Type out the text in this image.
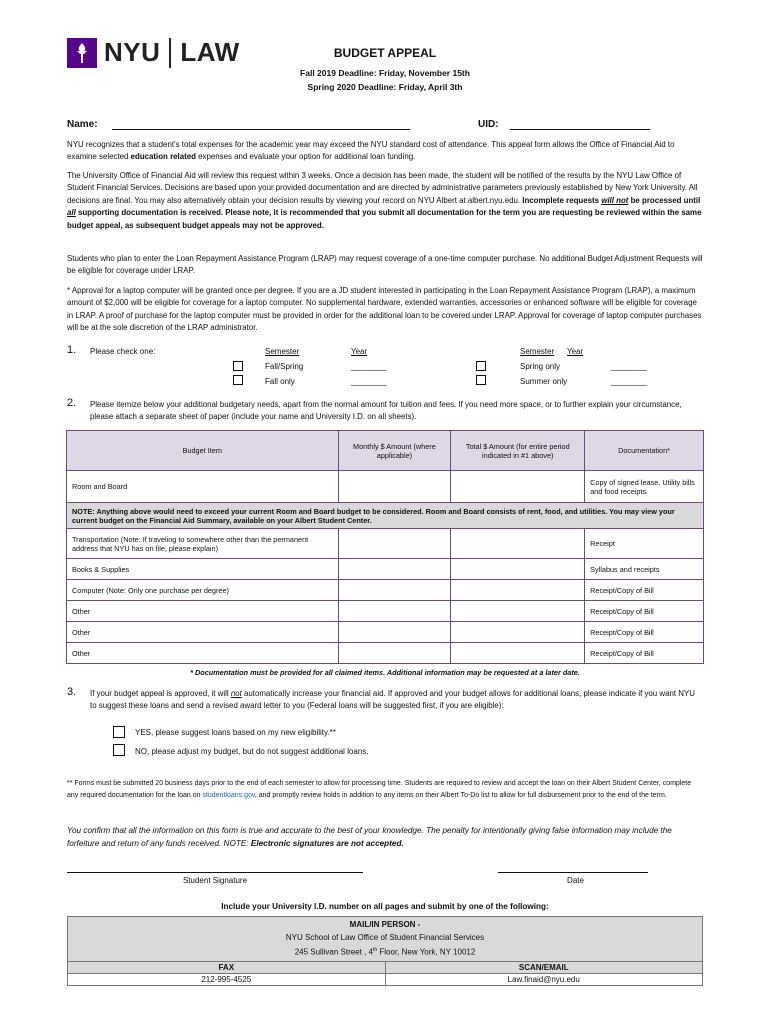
NYU LAW	BUDGET APPEAL
Fall 2019 Deadline: Friday, November 15th
Spring 2020 Deadline: Friday, April 3th
Name:	UID:
NYU recognizes that a student’s total expenses for the academic year may exceed the NYU standard cost of attendance. This appeal form allows the Office of Financial Aid to examine selected education related expenses and evaluate your option for additional loan funding.
The University Office of Financial Aid will review this request within 3 weeks. Once a decision has been made, the student will be notified of the results by the NYU Law Office of Student Financial Services. Decisions are based upon your provided documentation and are directed by administrative parameters previously established by New York University. All decisions are final. You may also alternatively obtain your decision results by viewing your record on NYU Albert at albert.nyu.edu. Incomplete requests will not be processed until all supporting documentation is received. Please note, it is recommended that you submit all documentation for the term you are requesting be reviewed within the same budget appeal, as subsequent budget appeals may not be approved.
Students who plan to enter the Loan Repayment Assistance Program (LRAP) may request coverage of a one-time computer purchase. No additional Budget Adjustment Requests will be eligible for coverage under LRAP.
* Approval for a laptop computer will be granted once per degree. If you are a JD student interested in participating in the Loan Repayment Assistance Program (LRAP), a maximum amount of $2,000 will be eligible for coverage for a laptop computer. No supplemental hardware, extended warranties, accessories or enhanced software will be eligible for coverage in LRAP. A proof of purchase for the laptop computer must be provided in order for the additional loan to be covered under LRAP. Approval for coverage of laptop computer purchases will be at the sole discretion of the LRAP administrator.
1. Please check one:	Semester	Year	Semester Year
Fall/Spring	________
Fall only	________
Spring only	________
Summer only	________
2. Please itemize below your additional budgetary needs, apart from the normal amount for tuition and fees. If you need more space, or to further explain your circumstance, please attach a separate sheet of paper (include your name and University I.D. on all sheets).
Budget Item	Monthly $ Amount (where applicable)	Total $ Amount (for entire period indicated in #1 above)	Documentation*
Room and Board			Copy of signed lease, Utility bills and food receipts
NOTE: Anything above would need to exceed your current Room and Board budget to be considered. Room and Board consists of rent, food, and utilities. You may view your current budget on the Financial Aid Summary, available on your Albert Student Center.			
Transportation (Note: If traveling to somewhere other than the permanent address that NYU has on file, please explain)			Receipt
Books & Supplies			Syllabus and receipts
Computer (Note: Only one purchase per degree)			Receipt/Copy of Bill
Other			Receipt/Copy of Bill
Other			Receipt/Copy of Bill
Other			Receipt/Copy of Bill
* Documentation must be provided for all claimed items. Additional information may be requested at a later date.
3. If your budget appeal is approved, it will not automatically increase your financial aid. If approved and your budget allows for additional loans, please indicate if you want NYU to suggest these loans and send a revised award letter to you (Federal loans will be suggested first, if you are eligible):
YES, please suggest loans based on my new eligibility.**
NO, please adjust my budget, but do not suggest additional loans.
** Forms must be submitted 20 business days prior to the end of each semester to allow for processing time. Students are required to review and accept the loan on their Albert Student Center, complete any required documentation for the loan on studentloans.gov, and promptly review holds in addition to any items on their Albert To-Do list to allow for full disbursement prior to the end of the term.
You confirm that all the information on this form is true and accurate to the best of your knowledge. The penalty for intentionally giving false information may include the forfeiture and return of any funds received. NOTE: Electronic signatures are not accepted.
Student Signature	Date
Include your University I.D. number on all pages and submit by one of the following:
MAIL/IN PERSON -
NYU School of Law Office of Student Financial Services
245 Sullivan Street , 4th Floor, New York, NY 10012	

FAX	SCAN/EMAIL
212-995-4525	Law.finaid@nyu.edu
